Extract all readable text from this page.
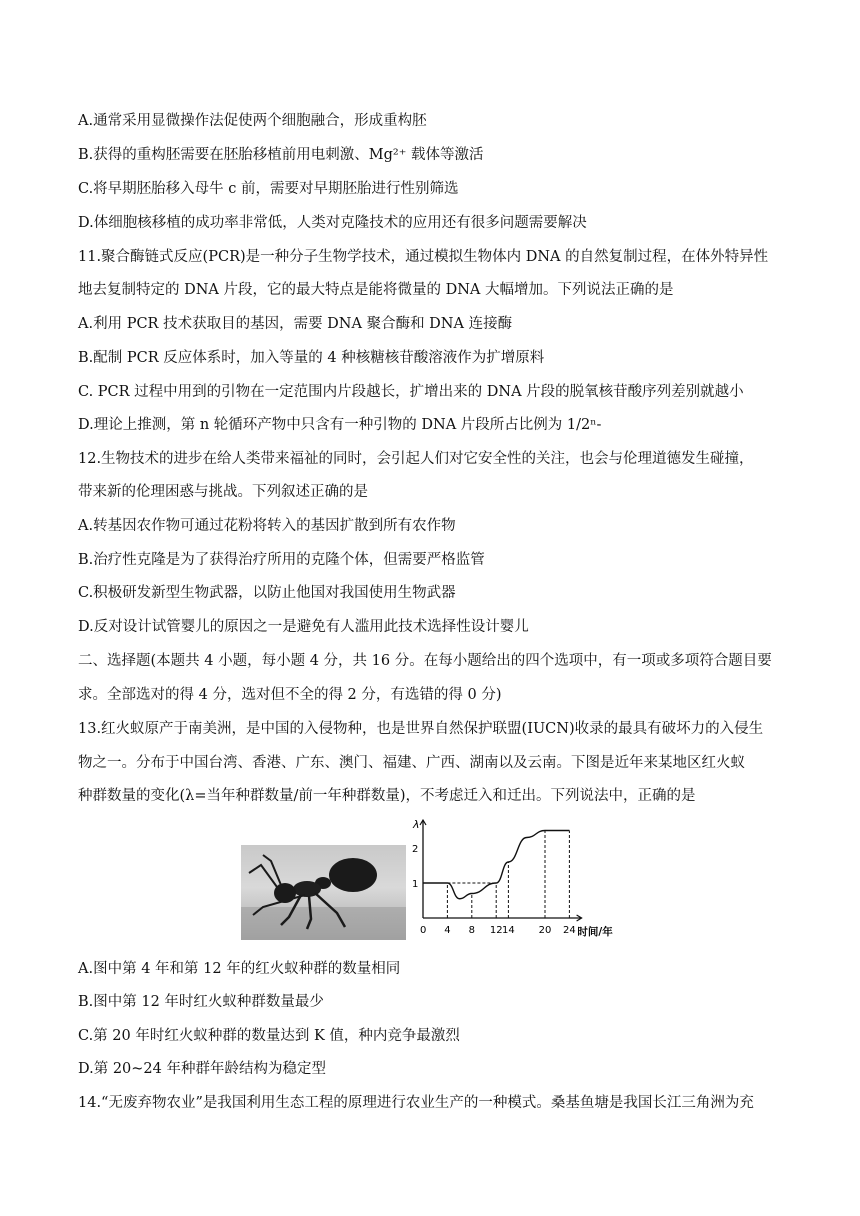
A.通常采用显微操作法促使两个细胞融合，形成重构胚
B.获得的重构胚需要在胚胎移植前用电刺激、Mg²⁺ 载体等激活
C.将早期胚胎移入母牛 c 前，需要对早期胚胎进行性别筛选
D.体细胞核移植的成功率非常低，人类对克隆技术的应用还有很多问题需要解决
11.聚合酶链式反应(PCR)是一种分子生物学技术，通过模拟生物体内 DNA 的自然复制过程，在体外特异性
地去复制特定的 DNA 片段，它的最大特点是能将微量的 DNA 大幅增加。下列说法正确的是
A.利用 PCR 技术获取目的基因，需要 DNA 聚合酶和 DNA 连接酶
B.配制 PCR 反应体系时，加入等量的 4 种核糖核苷酸溶液作为扩增原料
C. PCR 过程中用到的引物在一定范围内片段越长，扩增出来的 DNA 片段的脱氧核苷酸序列差别就越小
D.理论上推测，第 n 轮循环产物中只含有一种引物的 DNA 片段所占比例为 1/2ⁿ-
12.生物技术的进步在给人类带来福祉的同时，会引起人们对它安全性的关注，也会与伦理道德发生碰撞，
带来新的伦理困惑与挑战。下列叙述正确的是
A.转基因农作物可通过花粉将转入的基因扩散到所有农作物
B.治疗性克隆是为了获得治疗所用的克隆个体，但需要严格监管
C.积极研发新型生物武器，以防止他国对我国使用生物武器
D.反对设计试管婴儿的原因之一是避免有人滥用此技术选择性设计婴儿
二、选择题(本题共 4 小题，每小题 4 分，共 16 分。在每小题给出的四个选项中，有一项或多项符合题目要
求。全部选对的得 4 分，选对但不全的得 2 分，有选错的得 0 分)
13.红火蚁原产于南美洲，是中国的入侵物种，也是世界自然保护联盟(IUCN)收录的最具有破坏力的入侵生
物之一。分布于中国台湾、香港、广东、澳门、福建、广西、湖南以及云南。下图是近年来某地区红火蚁
种群数量的变化(λ=当年种群数量/前一年种群数量)，不考虑迁入和迁出。下列说法中，正确的是
λ
1
2
0 4 8 12 14 20 24 时间/年
A.图中第 4 年和第 12 年的红火蚁种群的数量相同
B.图中第 12 年时红火蚁种群数量最少
C.第 20 年时红火蚁种群的数量达到 K 值，种内竞争最激烈
D.第 20~24 年种群年龄结构为稳定型
14.“无废弃物农业”是我国利用生态工程的原理进行农业生产的一种模式。桑基鱼塘是我国长江三角洲为充
